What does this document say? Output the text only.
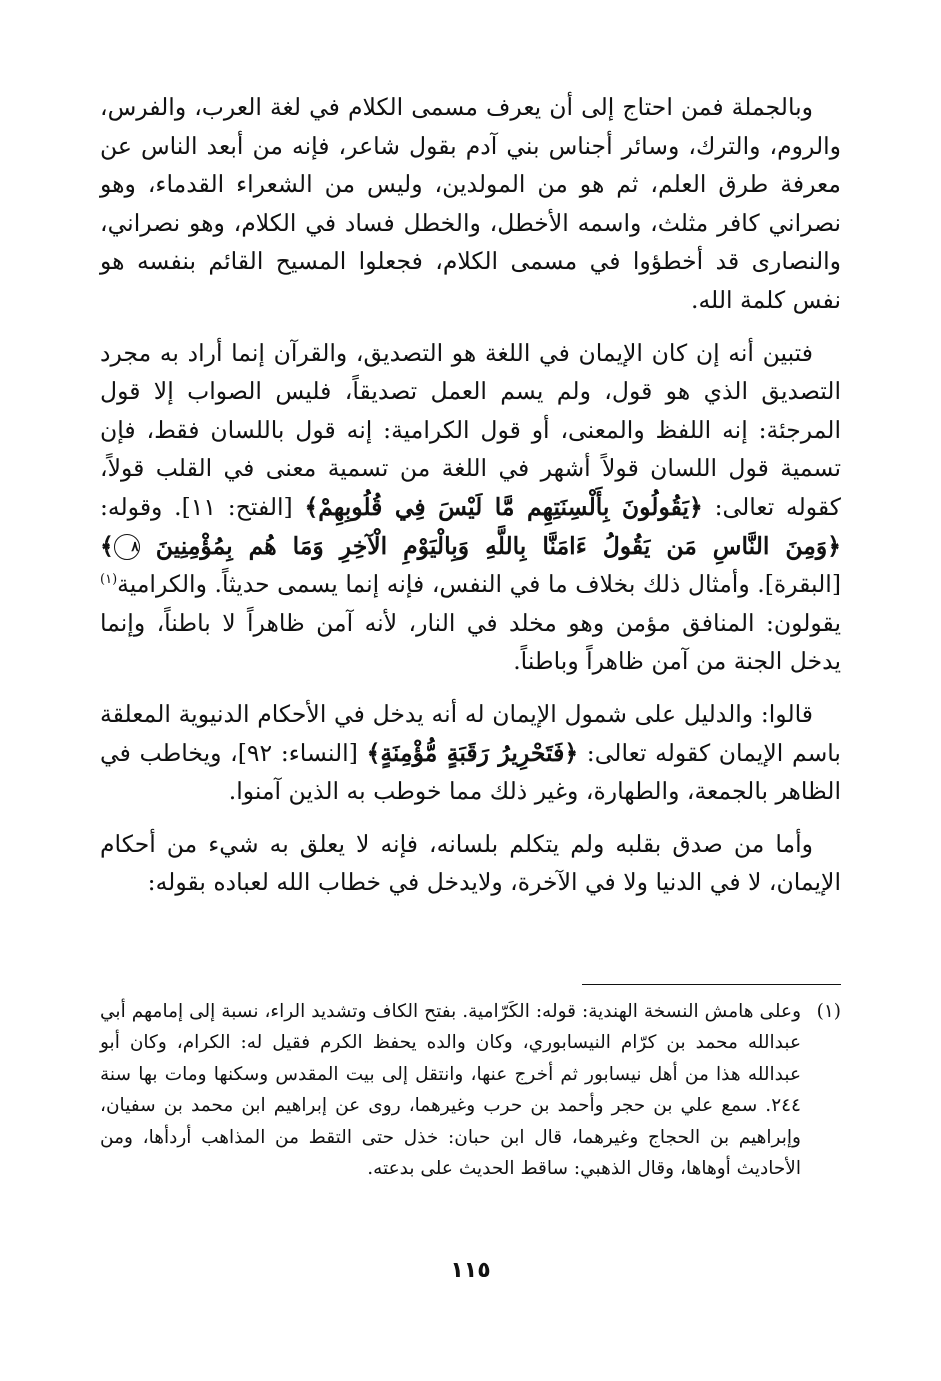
وبالجملة فمن احتاج إلى أن يعرف مسمى الكلام في لغة العرب، والفرس، والروم، والترك، وسائر أجناس بني آدم بقول شاعر، فإنه من أبعد الناس عن معرفة طرق العلم، ثم هو من المولدين، وليس من الشعراء القدماء، وهو نصراني كافر مثلث، واسمه الأخطل، والخطل فساد في الكلام، وهو نصراني، والنصارى قد أخطؤوا في مسمى الكلام، فجعلوا المسيح القائم بنفسه هو نفس كلمة الله.

فتبين أنه إن كان الإيمان في اللغة هو التصديق، والقرآن إنما أراد به مجرد التصديق الذي هو قول، ولم يسم العمل تصديقاً، فليس الصواب إلا قول المرجئة: إنه اللفظ والمعنى، أو قول الكرامية: إنه قول باللسان فقط، فإن تسمية قول اللسان قولاً أشهر في اللغة من تسمية معنى في القلب قولاً، كقوله تعالى: ﴿يَقُولُونَ بِأَلْسِنَتِهِم مَّا لَيْسَ فِي قُلُوبِهِمْ﴾ [الفتح: ١١]. وقوله: ﴿وَمِنَ النَّاسِ مَن يَقُولُ ءَامَنَّا بِاللَّهِ وَبِالْيَوْمِ الْآخِرِ وَمَا هُم بِمُؤْمِنِينَ ٨﴾ [البقرة]. وأمثال ذلك بخلاف ما في النفس، فإنه إنما يسمى حديثاً. والكرامية$^{(١)}$ يقولون: المنافق مؤمن وهو مخلد في النار، لأنه آمن ظاهراً لا باطناً، وإنما يدخل الجنة من آمن ظاهراً وباطناً.

قالوا: والدليل على شمول الإيمان له أنه يدخل في الأحكام الدنيوية المعلقة باسم الإيمان كقوله تعالى: ﴿فَتَحْرِيرُ رَقَبَةٍ مُّؤْمِنَةٍ﴾ [النساء: ٩٢]، ويخاطب في الظاهر بالجمعة، والطهارة، وغير ذلك مما خوطب به الذين آمنوا.

وأما من صدق بقلبه ولم يتكلم بلسانه، فإنه لا يعلق به شيء من أحكام الإيمان، لا في الدنيا ولا في الآخرة، ولايدخل في خطاب الله لعباده بقوله:

(١)
وعلى هامش النسخة الهندية: قوله: الكَرّامية. بفتح الكاف وتشديد الراء، نسبة إلى إمامهم أبي عبدالله محمد بن كرّام النيسابوري، وكان والده يحفظ الكرم فقيل له: الكرام، وكان أبو عبدالله هذا من أهل نيسابور ثم أخرج عنها، وانتقل إلى بيت المقدس وسكنها ومات بها سنة ٢٤٤. سمع علي بن حجر وأحمد بن حرب وغيرهما، روى عن إبراهيم ابن محمد بن سفيان، وإبراهيم بن الحجاج وغيرهما، قال ابن حبان: خذل حتى التقط من المذاهب أردأها، ومن الأحاديث أوهاها، وقال الذهبي: ساقط الحديث على بدعته.
١١٥
